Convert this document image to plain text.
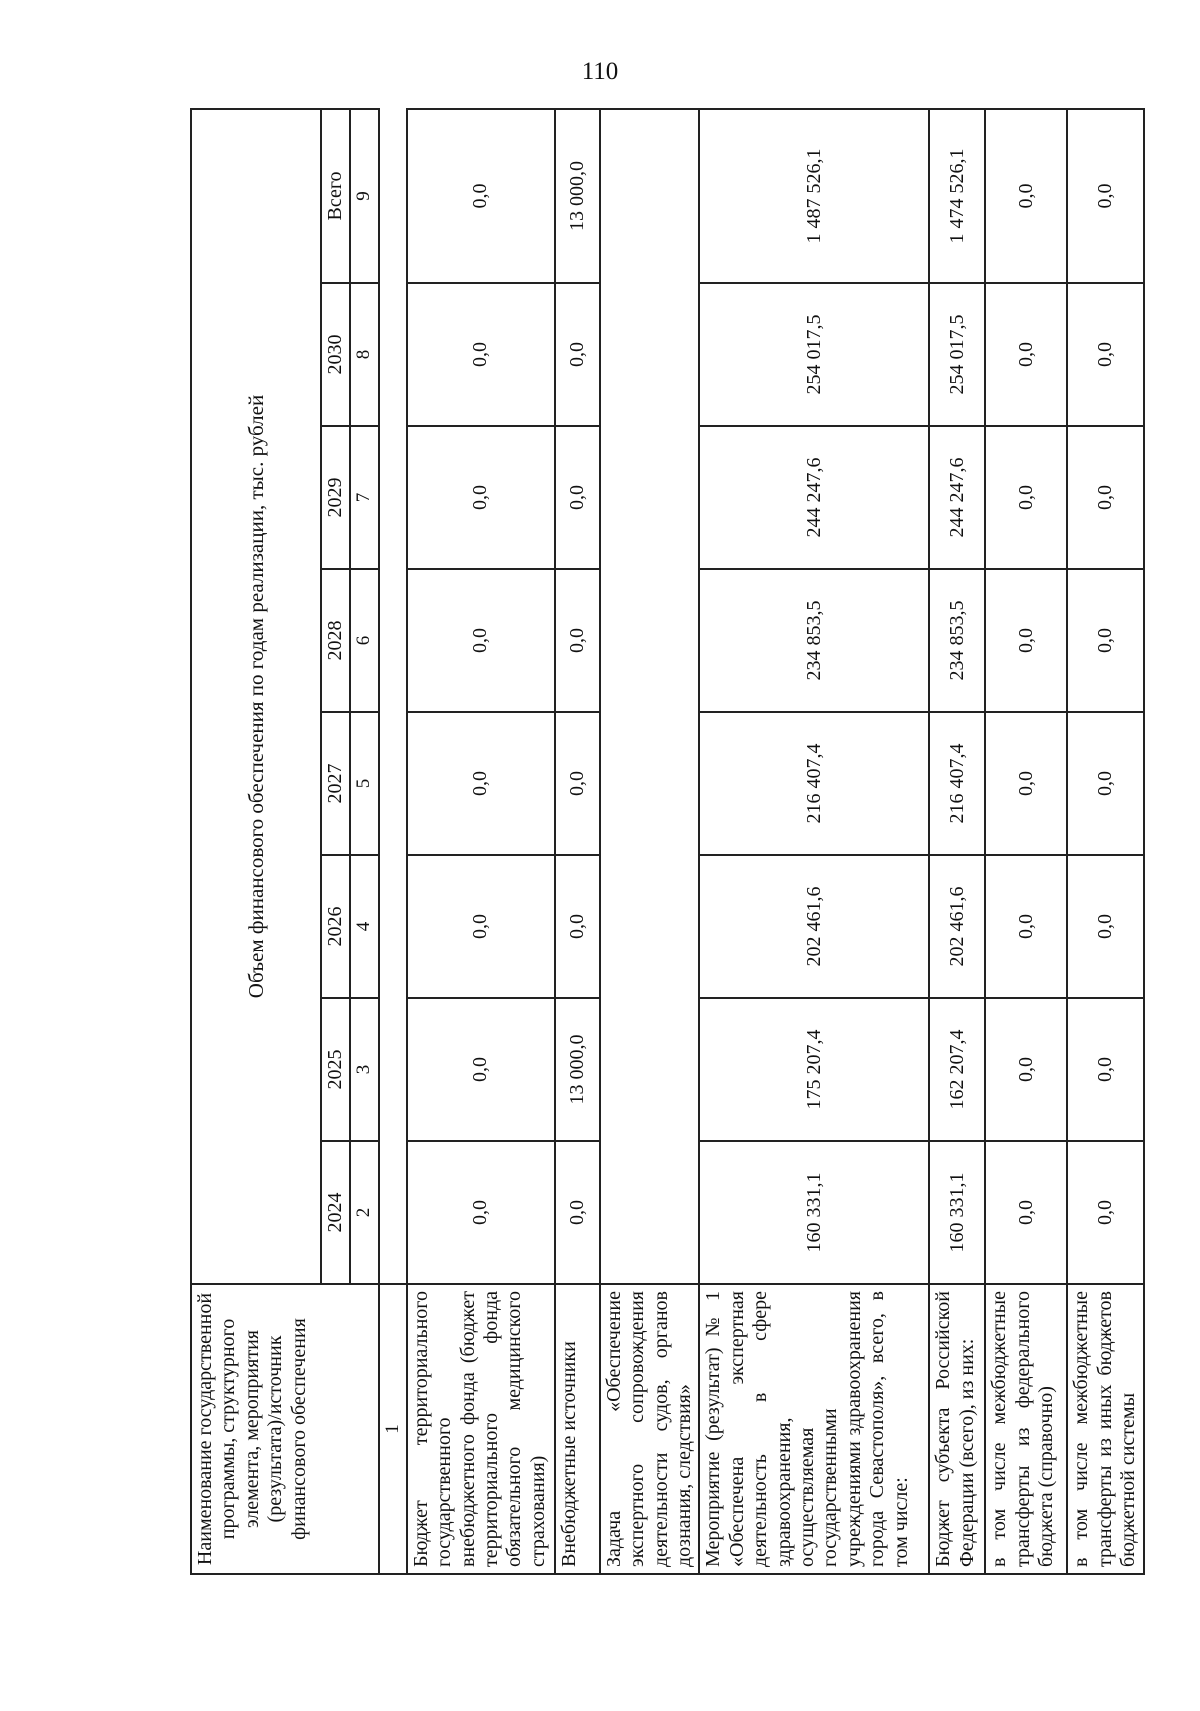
110
Наименование государственной программы, структурного элемента, мероприятия (результата)/источник финансового обеспечения	Объем финансового обеспечения по годам реализации, тыс. рублей							
	2024	2025	2026	2027	2028	2029	2030	Всего
	2	3	4	5	6	7	8	9
1								
Бюджет территориального государственного внебюджетного фонда (бюджет территориального фонда обязательного медицинского страхования)	0,0	0,0	0,0	0,0	0,0	0,0	0,0	0,0
Внебюджетные источники	0,0	13 000,0	0,0	0,0	0,0	0,0	0,0	13 000,0
Задача «Обеспечение экспертного сопровождения деятельности судов, органов дознания, следствия»								
Мероприятие (результат) № 1 «Обеспечена экспертная деятельность в сфере здравоохранения, осуществляемая государственными учреждениями здравоохранения города Севастополя», всего, в том числе:	160 331,1	175 207,4	202 461,6	216 407,4	234 853,5	244 247,6	254 017,5	1 487 526,1
Бюджет субъекта Российской Федерации (всего), из них:	160 331,1	162 207,4	202 461,6	216 407,4	234 853,5	244 247,6	254 017,5	1 474 526,1
в том числе межбюджетные трансферты из федерального бюджета (справочно)	0,0	0,0	0,0	0,0	0,0	0,0	0,0	0,0
в том числе межбюджетные трансферты из иных бюджетов бюджетной системы	0,0	0,0	0,0	0,0	0,0	0,0	0,0	0,0
